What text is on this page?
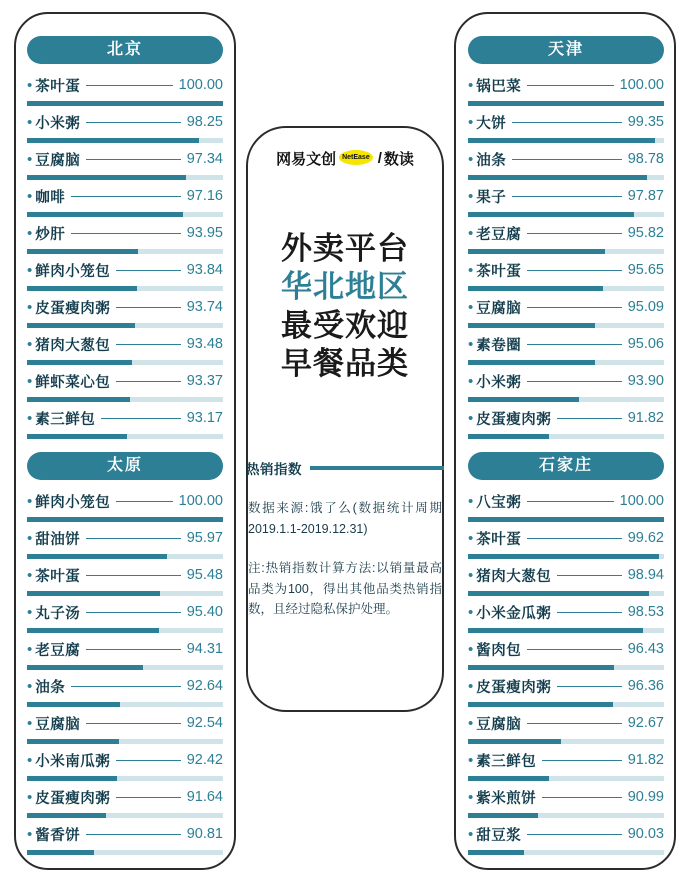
北京
• 茶叶蛋	100.00
• 小米粥	98.25
• 豆腐脑	97.34
• 咖啡	97.16
• 炒肝	93.95
• 鲜肉小笼包	93.84
• 皮蛋瘦肉粥	93.74
• 猪肉大葱包	93.48
• 鲜虾菜心包	93.37
• 素三鲜包	93.17
太原
• 鲜肉小笼包	100.00
• 甜油饼	95.97
• 茶叶蛋	95.48
• 丸子汤	95.40
• 老豆腐	94.31
• 油条	92.64
• 豆腐脑	92.54
• 小米南瓜粥	92.42
• 皮蛋瘦肉粥	91.64
• 酱香饼	90.81
天津
• 锅巴菜	100.00
• 大饼	99.35
• 油条	98.78
• 果子	97.87
• 老豆腐	95.82
• 茶叶蛋	95.65
• 豆腐脑	95.09
• 素卷圈	95.06
• 小米粥	93.90
• 皮蛋瘦肉粥	91.82
石家庄
• 八宝粥	100.00
• 茶叶蛋	99.62
• 猪肉大葱包	98.94
• 小米金瓜粥	98.53
• 酱肉包	96.43
• 皮蛋瘦肉粥	96.36
• 豆腐脑	92.67
• 素三鲜包	91.82
• 紫米煎饼	90.99
• 甜豆浆	90.03
网易 文创 NetEase / 数读
外卖平台
华北地区
最受欢迎
早餐品类
热销指数
数据来源:饿了么(数据统计周期2019.1.1-2019.12.31)
注:热销指数计算方法:以销量最高品类为100，得出其他品类热销指数，且经过隐私保护处理。
